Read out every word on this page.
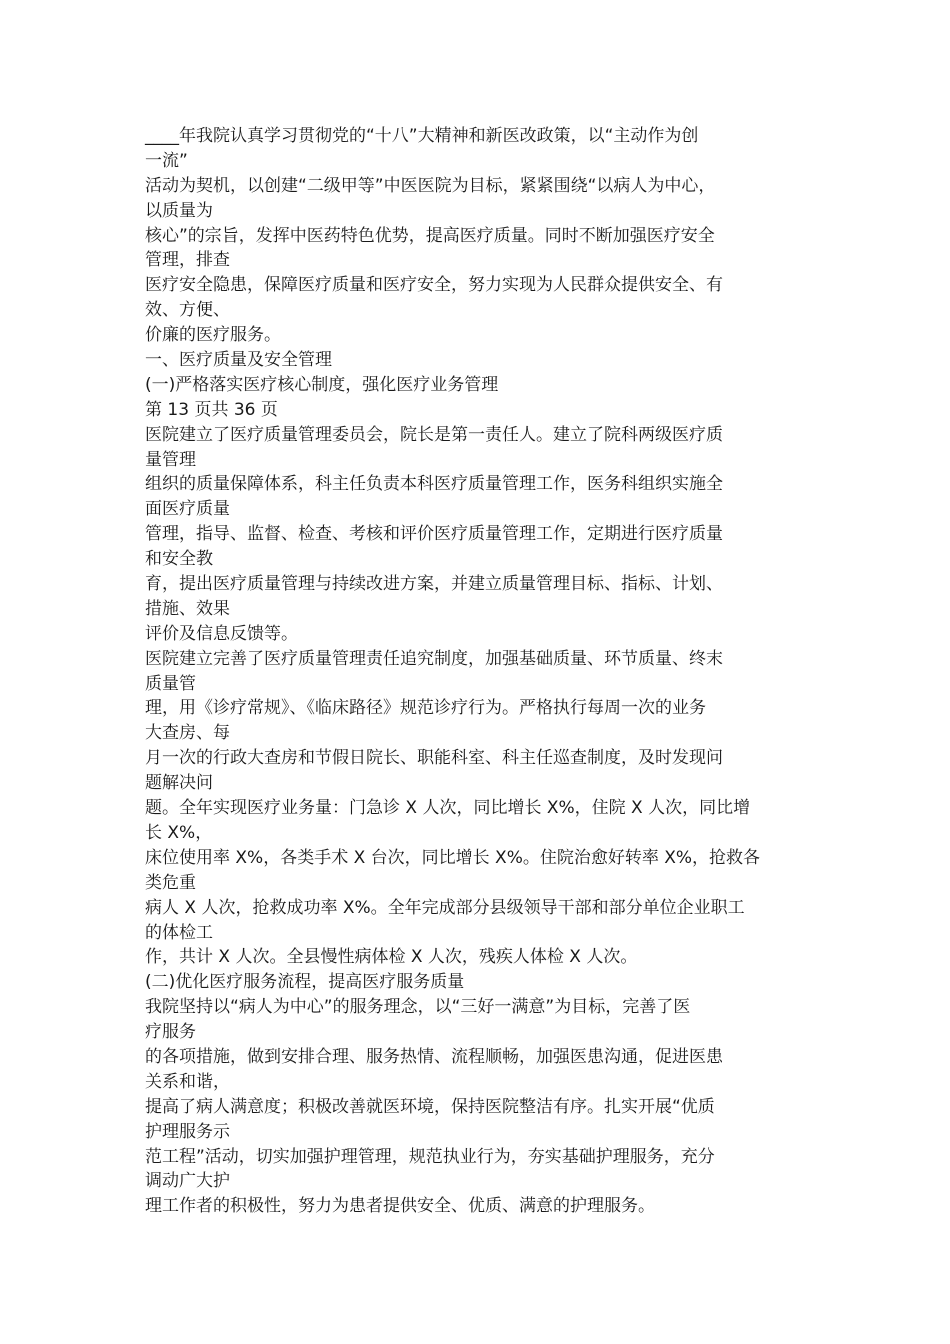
____年我院认真学习贯彻党的“十八”大精神和新医改政策，以“主动作为创
一流”
活动为契机，以创建“二级甲等”中医医院为目标，紧紧围绕“以病人为中心，
以质量为
核心”的宗旨，发挥中医药特色优势，提高医疗质量。同时不断加强医疗安全
管理，排查
医疗安全隐患，保障医疗质量和医疗安全，努力实现为人民群众提供安全、有
效、方便、
价廉的医疗服务。
一、医疗质量及安全管理
(一)严格落实医疗核心制度，强化医疗业务管理
第 13 页共 36 页
医院建立了医疗质量管理委员会，院长是第一责任人。建立了院科两级医疗质
量管理
组织的质量保障体系，科主任负责本科医疗质量管理工作，医务科组织实施全
面医疗质量
管理，指导、监督、检查、考核和评价医疗质量管理工作，定期进行医疗质量
和安全教
育，提出医疗质量管理与持续改进方案，并建立质量管理目标、指标、计划、
措施、效果
评价及信息反馈等。
医院建立完善了医疗质量管理责任追究制度，加强基础质量、环节质量、终末
质量管
理，用《诊疗常规》、《临床路径》规范诊疗行为。严格执行每周一次的业务
大查房、每
月一次的行政大查房和节假日院长、职能科室、科主任巡查制度，及时发现问
题解决问
题。全年实现医疗业务量：门急诊 X 人次，同比增长 X%，住院 X 人次，同比增
长 X%，
床位使用率 X%，各类手术 X 台次，同比增长 X%。住院治愈好转率 X%，抢救各
类危重
病人 X 人次，抢救成功率 X%。全年完成部分县级领导干部和部分单位企业职工
的体检工
作，共计 X 人次。全县慢性病体检 X 人次，残疾人体检 X 人次。
(二)优化医疗服务流程，提高医疗服务质量
我院坚持以“病人为中心”的服务理念，以“三好一满意”为目标，完善了医
疗服务
的各项措施，做到安排合理、服务热情、流程顺畅，加强医患沟通，促进医患
关系和谐，
提高了病人满意度；积极改善就医环境，保持医院整洁有序。扎实开展“优质
护理服务示
范工程”活动，切实加强护理管理，规范执业行为，夯实基础护理服务，充分
调动广大护
理工作者的积极性，努力为患者提供安全、优质、满意的护理服务。
